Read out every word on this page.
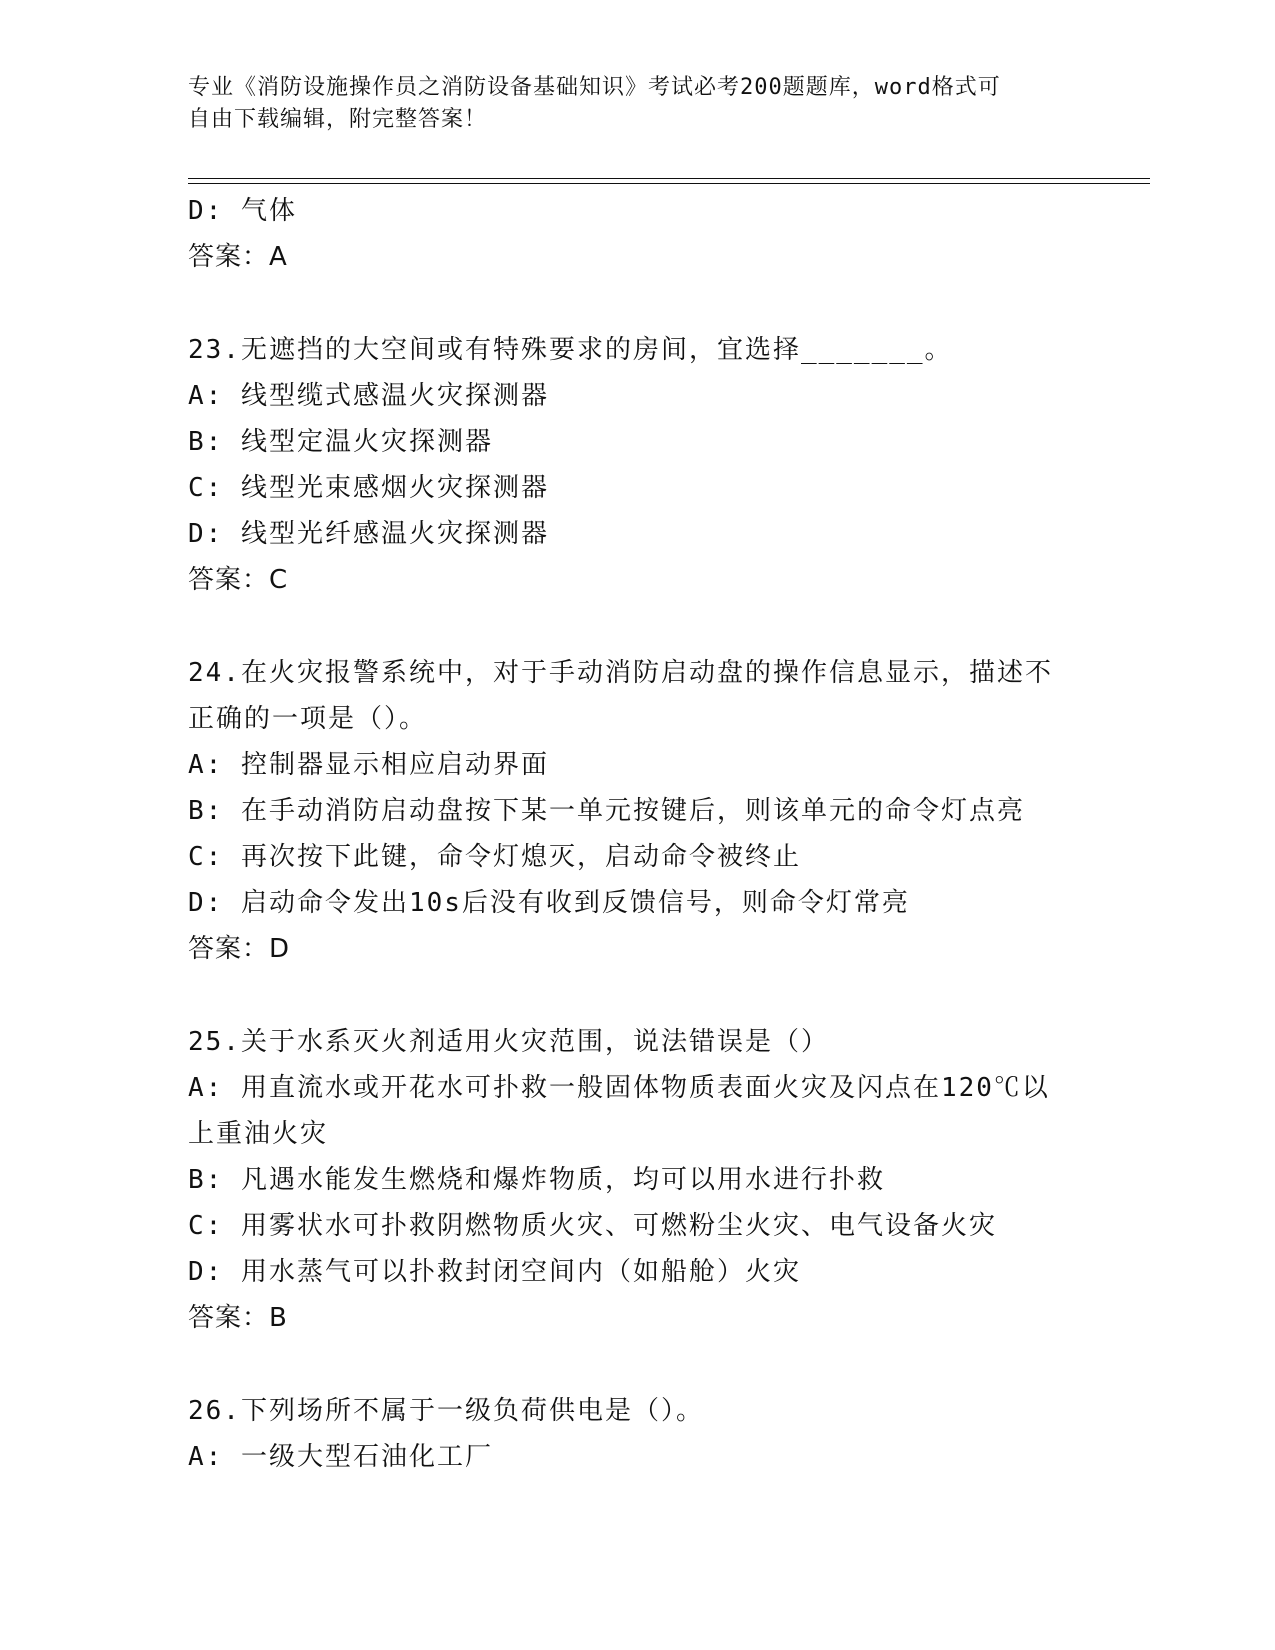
专业《消防设施操作员之消防设备基础知识》考试必考200题题库，word格式可
自由下载编辑，附完整答案！
D: 气体
答案：A
23.无遮挡的大空间或有特殊要求的房间，宜选择_______。
A: 线型缆式感温火灾探测器
B: 线型定温火灾探测器
C: 线型光束感烟火灾探测器
D: 线型光纤感温火灾探测器
答案：C
24.在火灾报警系统中，对于手动消防启动盘的操作信息显示，描述不
正确的一项是（）。
A: 控制器显示相应启动界面
B: 在手动消防启动盘按下某一单元按键后，则该单元的命令灯点亮
C: 再次按下此键，命令灯熄灭，启动命令被终止
D: 启动命令发出10s后没有收到反馈信号，则命令灯常亮
答案：D
25.关于水系灭火剂适用火灾范围，说法错误是（）
A: 用直流水或开花水可扑救一般固体物质表面火灾及闪点在120℃以
上重油火灾
B: 凡遇水能发生燃烧和爆炸物质，均可以用水进行扑救
C: 用雾状水可扑救阴燃物质火灾、可燃粉尘火灾、电气设备火灾
D: 用水蒸气可以扑救封闭空间内（如船舱）火灾
答案：B
26.下列场所不属于一级负荷供电是（）。
A: 一级大型石油化工厂
